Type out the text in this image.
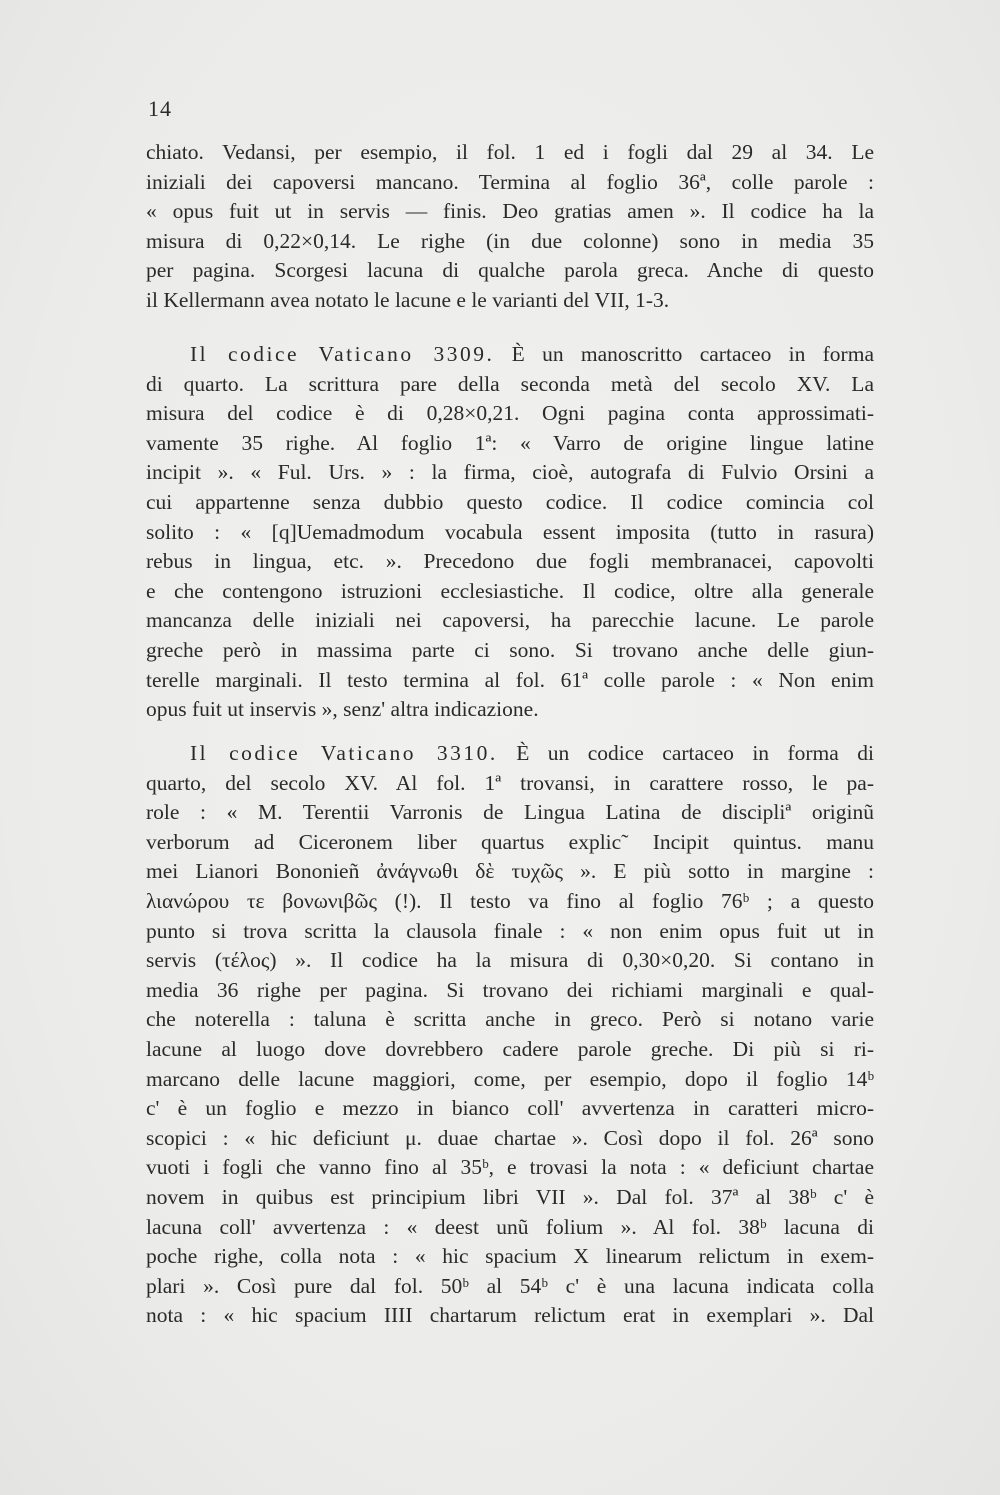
14
chiato. Vedansi, per esempio, il fol. 1 ed i fogli dal 29 al 34. Le
iniziali dei capoversi mancano. Termina al foglio 36ª, colle parole :
« opus fuit ut in servis — finis. Deo gratias amen ». Il codice ha la
misura di 0,22×0,14. Le righe (in due colonne) sono in media 35
per pagina. Scorgesi lacuna di qualche parola greca. Anche di questo
il Kellermann avea notato le lacune e le varianti del VII, 1-3.
Il codice Vaticano 3309. È un manoscritto cartaceo in forma
di quarto. La scrittura pare della seconda metà del secolo XV. La
misura del codice è di 0,28×0,21. Ogni pagina conta approssimati-
vamente 35 righe. Al foglio 1ª: « Varro de origine lingue latine
incipit ». « Ful. Urs. » : la firma, cioè, autografa di Fulvio Orsini a
cui appartenne senza dubbio questo codice. Il codice comincia col
solito : « [q]Uemadmodum vocabula essent imposita (tutto in rasura)
rebus in lingua, etc. ». Precedono due fogli membranacei, capovolti
e che contengono istruzioni ecclesiastiche. Il codice, oltre alla generale
mancanza delle iniziali nei capoversi, ha parecchie lacune. Le parole
greche però in massima parte ci sono. Si trovano anche delle giun-
terelle marginali. Il testo termina al fol. 61ª colle parole : « Non enim
opus fuit ut inservis », senz' altra indicazione.
Il codice Vaticano 3310. È un codice cartaceo in forma di
quarto, del secolo XV. Al fol. 1ª trovansi, in carattere rosso, le pa-
role : « M. Terentii Varronis de Lingua Latina de discipliª originũ
verborum ad Ciceronem liber quartus explic˜ Incipit quintus. manu
mei Lianori Bononieñ ἀνάγνωθι δὲ τυχῶς ». E più sotto in margine :
λιανώρου τε βονωνιβῶς (!). Il testo va fino al foglio 76ᵇ ; a questo
punto si trova scritta la clausola finale : « non enim opus fuit ut in
servis (τέλος) ». Il codice ha la misura di 0,30×0,20. Si contano in
media 36 righe per pagina. Si trovano dei richiami marginali e qual-
che noterella : taluna è scritta anche in greco. Però si notano varie
lacune al luogo dove dovrebbero cadere parole greche. Di più si ri-
marcano delle lacune maggiori, come, per esempio, dopo il foglio 14ᵇ
c' è un foglio e mezzo in bianco coll' avvertenza in caratteri micro-
scopici : « hic deficiunt μ. duae chartae ». Così dopo il fol. 26ª sono
vuoti i fogli che vanno fino al 35ᵇ, e trovasi la nota : « deficiunt chartae
novem in quibus est principium libri VII ». Dal fol. 37ª al 38ᵇ c' è
lacuna coll' avvertenza : « deest unũ folium ». Al fol. 38ᵇ lacuna di
poche righe, colla nota : « hic spacium X linearum relictum in exem-
plari ». Così pure dal fol. 50ᵇ al 54ᵇ c' è una lacuna indicata colla
nota : « hic spacium IIII chartarum relictum erat in exemplari ». Dal
